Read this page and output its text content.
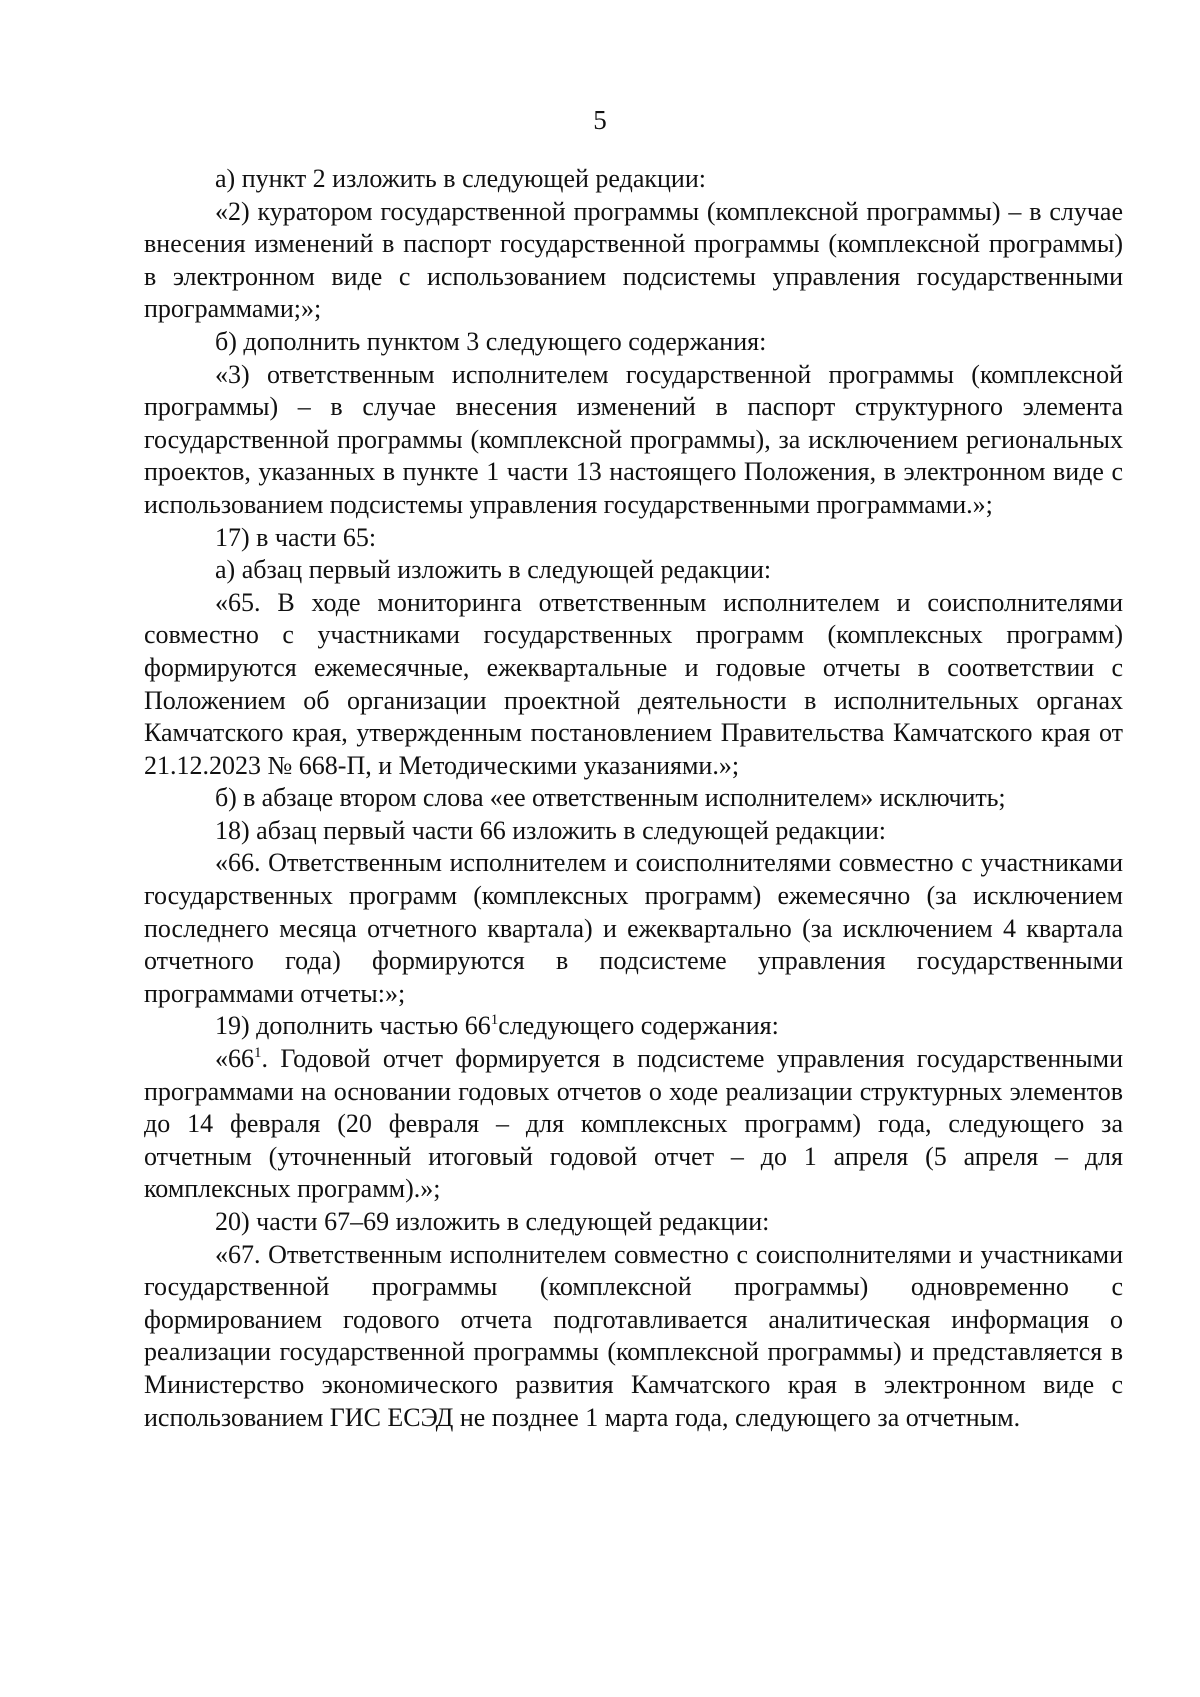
5

а) пункт 2 изложить в следующей редакции:

«2) куратором государственной программы (комплексной программы) – в случае внесения изменений в паспорт государственной программы (комплексной программы) в электронном виде с использованием подсистемы управления государственными программами;»;

б) дополнить пунктом 3 следующего содержания:

«3) ответственным исполнителем государственной программы (комплексной программы) – в случае внесения изменений в паспорт структурного элемента государственной программы (комплексной программы), за исключением региональных проектов, указанных в пункте 1 части 13 настоящего Положения, в электронном виде с использованием подсистемы управления государственными программами.»;

17) в части 65:

а) абзац первый изложить в следующей редакции:

«65. В ходе мониторинга ответственным исполнителем и соисполнителями совместно с участниками государственных программ (комплексных программ) формируются ежемесячные, ежеквартальные и годовые отчеты в соответствии с Положением об организации проектной деятельности в исполнительных органах Камчатского края, утвержденным постановлением Правительства Камчатского края от 21.12.2023 № 668-П, и Методическими указаниями.»;

б) в абзаце втором слова «ее ответственным исполнителем» исключить;

18) абзац первый части 66 изложить в следующей редакции:

«66. Ответственным исполнителем и соисполнителями совместно с участниками государственных программ (комплексных программ) ежемесячно (за исключением последнего месяца отчетного квартала) и ежеквартально (за исключением 4 квартала отчетного года) формируются в подсистеме управления государственными программами отчеты:»;

19) дополнить частью $66^1следующего$ содержания:

«$66^1$. Годовой отчет формируется в подсистеме управления государственными программами на основании годовых отчетов о ходе реализации структурных элементов до 14 февраля (20 февраля – для комплексных программ) года, следующего за отчетным (уточненный итоговый годовой отчет – до 1 апреля (5 апреля – для комплексных программ).»;

20) части 67–69 изложить в следующей редакции:

«67. Ответственным исполнителем совместно с соисполнителями и участниками государственной программы (комплексной программы) одновременно с формированием годового отчета подготавливается аналитическая информация о реализации государственной программы (комплексной программы) и представляется в Министерство экономического развития Камчатского края в электронном виде с использованием ГИС ЕСЭД не позднее 1 марта года, следующего за отчетным.
